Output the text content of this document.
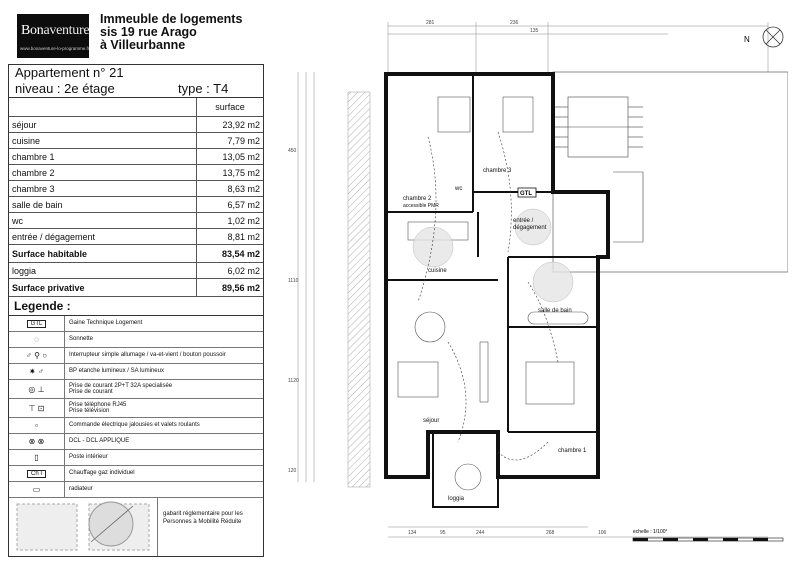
Bonaventure
www.bonaventure-lo-programme.fr
Immeuble de logements
sis 19 rue Arago
à Villeurbanne
Appartement n° 21
niveau : 2e étage	type : T4
	surface
séjour	23,92 m2
cuisine	7,79 m2
chambre 1	13,05 m2
chambre 2	13,75 m2
chambre 3	8,63 m2
salle de bain	6,57 m2
wc	1,02 m2
entrée / dégagement	8,81 m2
Surface habitable	83,54 m2
loggia	6,02 m2
Surface privative	89,56 m2
Legende :
GTL	Gaine Technique Logement
◌	Sonnette
♂ ⚲ ○	Interrupteur simple allumage / va-et-vient / bouton poussoir
✷ ♂	BP etanche lumineux / SA lumineux
◎ ⊥	Prise de courant 2P+T 32A specialisée
Prise de courant
⊤ ⊡	Prise téléphone RJ45
Prise télévision
▫	Commande électrique jalousies et valets roulants
⊗ ⊗	DCL - DCL APPLIQUE
▯	Poste intérieur
Ch I	Chauffage gaz individuel
▭	radiateur
gabarit réglementaire pour les
Personnes à Mobilité Réduite
281	236
135
450
1110
1120
120
134	95	244	268	106
chambre 2
accessible PMR
chambre 3
entrée /
dégagement
cuisine
salle de bain
séjour
chambre 1
loggia
wc
GTL
N
echelle : 1/100°
